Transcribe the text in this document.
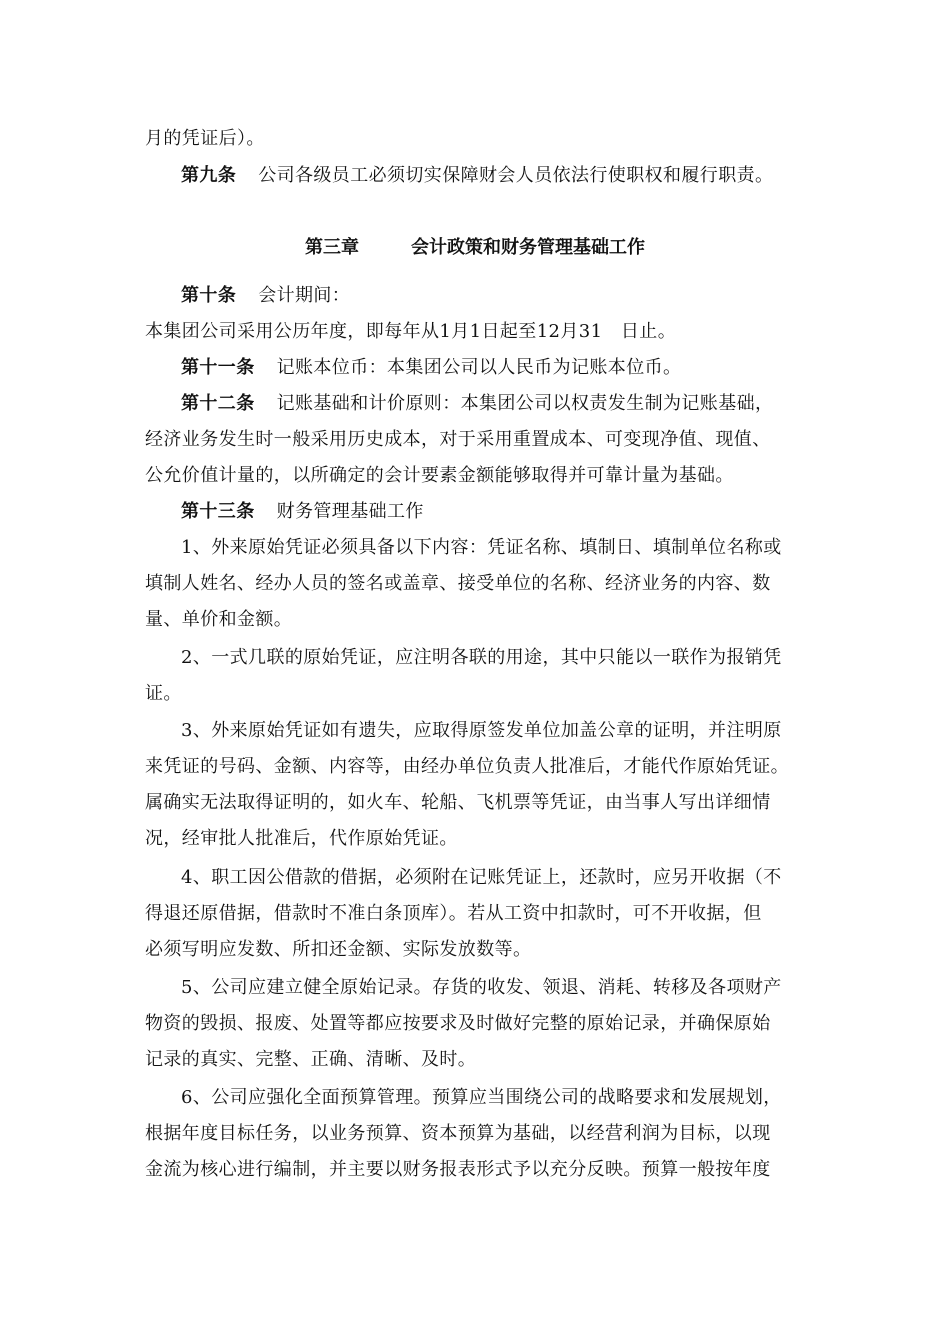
月的凭证后）。
第九条 公司各级员工必须切实保障财会人员依法行使职权和履行职责。
第三章	会计政策和财务管理基础工作
第十条 会计期间：
本集团公司采用公历年度，即每年从1月1日起至12月31　日止。
第十一条 记账本位币：本集团公司以人民币为记账本位币。
第十二条 记账基础和计价原则：本集团公司以权责发生制为记账基础，
经济业务发生时一般采用历史成本，对于采用重置成本、可变现净值、现值、
公允价值计量的，以所确定的会计要素金额能够取得并可靠计量为基础。
第十三条 财务管理基础工作
1、外来原始凭证必须具备以下内容：凭证名称、填制日、填制单位名称或
填制人姓名、经办人员的签名或盖章、接受单位的名称、经济业务的内容、数
量、单价和金额。
2、一式几联的原始凭证，应注明各联的用途，其中只能以一联作为报销凭
证。
3、外来原始凭证如有遗失，应取得原签发单位加盖公章的证明，并注明原
来凭证的号码、金额、内容等，由经办单位负责人批准后，才能代作原始凭证。
属确实无法取得证明的，如火车、轮船、飞机票等凭证，由当事人写出详细情
况，经审批人批准后，代作原始凭证。
4、职工因公借款的借据，必须附在记账凭证上，还款时，应另开收据（不
得退还原借据，借款时不准白条顶库）。若从工资中扣款时，可不开收据，但
必须写明应发数、所扣还金额、实际发放数等。
5、公司应建立健全原始记录。存货的收发、领退、消耗、转移及各项财产
物资的毁损、报废、处置等都应按要求及时做好完整的原始记录，并确保原始
记录的真实、完整、正确、清晰、及时。
6、公司应强化全面预算管理。预算应当围绕公司的战略要求和发展规划，
根据年度目标任务，以业务预算、资本预算为基础，以经营利润为目标，以现
金流为核心进行编制，并主要以财务报表形式予以充分反映。预算一般按年度
